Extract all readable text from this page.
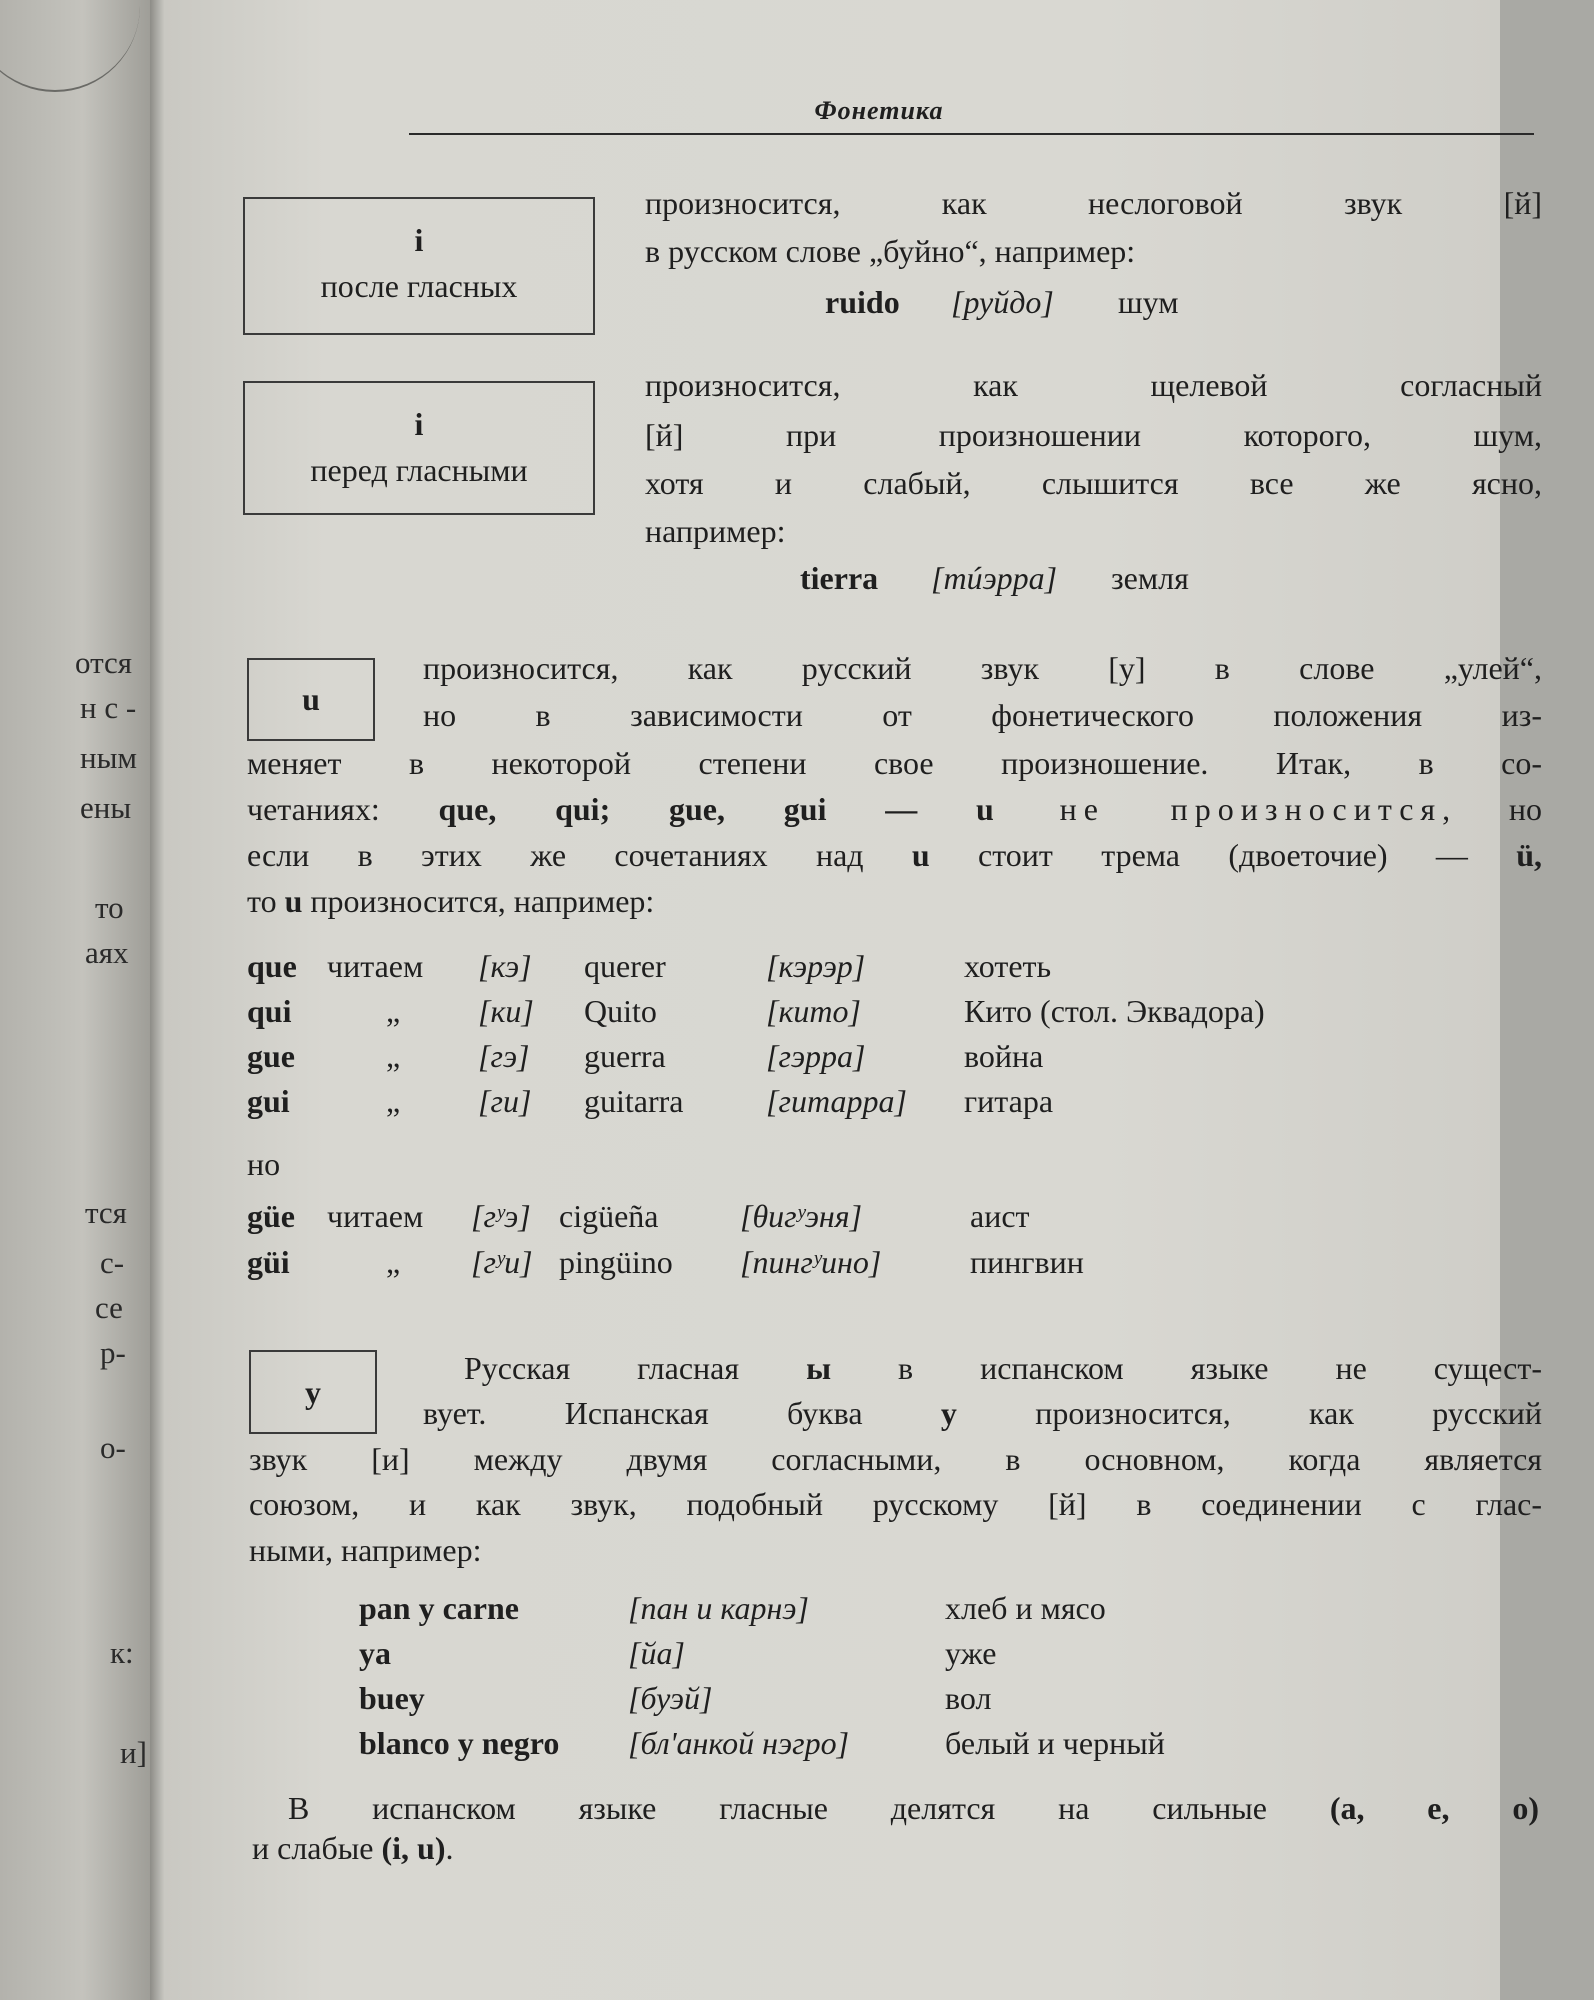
отся
н с -
ным
ены
то
аях
тся
с-
се
р-
о-
к:
и]
Фонетика
i
после гласных

произносится, как неслоговой звук [й]

в русском слове „буйно“, например:

ruido [руйдо] шум
i
перед гласными

произносится, как щелевой согласный

[й] при произношении которого, шум,

хотя и слабый, слышится все же ясно,

например:

tierra [тúэрра] земля
u

произносится, как русский звук [у] в слове „улей“,

но в зависимости от фонетического положения из-

меняет в некоторой степени свое произношение. Итак, в со-

четаниях: que, qui; gue, gui — u не произносится, но

если в этих же сочетаниях над u стоит трема (двоеточие) — ü,

то u произносится, например:

que читаем [кэ] querer	[кэрэр]	хотеть
qui	„ [ки] Quito	[кито]	Кито (стол. Эквадора)
gue	„ [гэ] guerra	[гэрра]	война
gui	„ [ги] guitarra	[гитарра] гитара
но
güe читаем [гʸэ] cigüeña	[θигʸэня]	аист
güi	„ [гʸи] pingüino [пингʸино]	пингвин
y

Русская гласная ы в испанском языке не сущест-

вует. Испанская буква y произносится, как русский

звук [и] между двумя согласными, в основном, когда является

союзом, и как звук, подобный русскому [й] в соединении с глас-

ными, например:

pan y carne	[пан и карнэ]	хлеб и мясо
ya	[йа]	уже
buey	[буэй]	вол
blanco y negro [бл'анкой нэгро]	белый и черный

В испанском языке гласные делятся на сильные (a, e, o)

и слабые (i, u).
